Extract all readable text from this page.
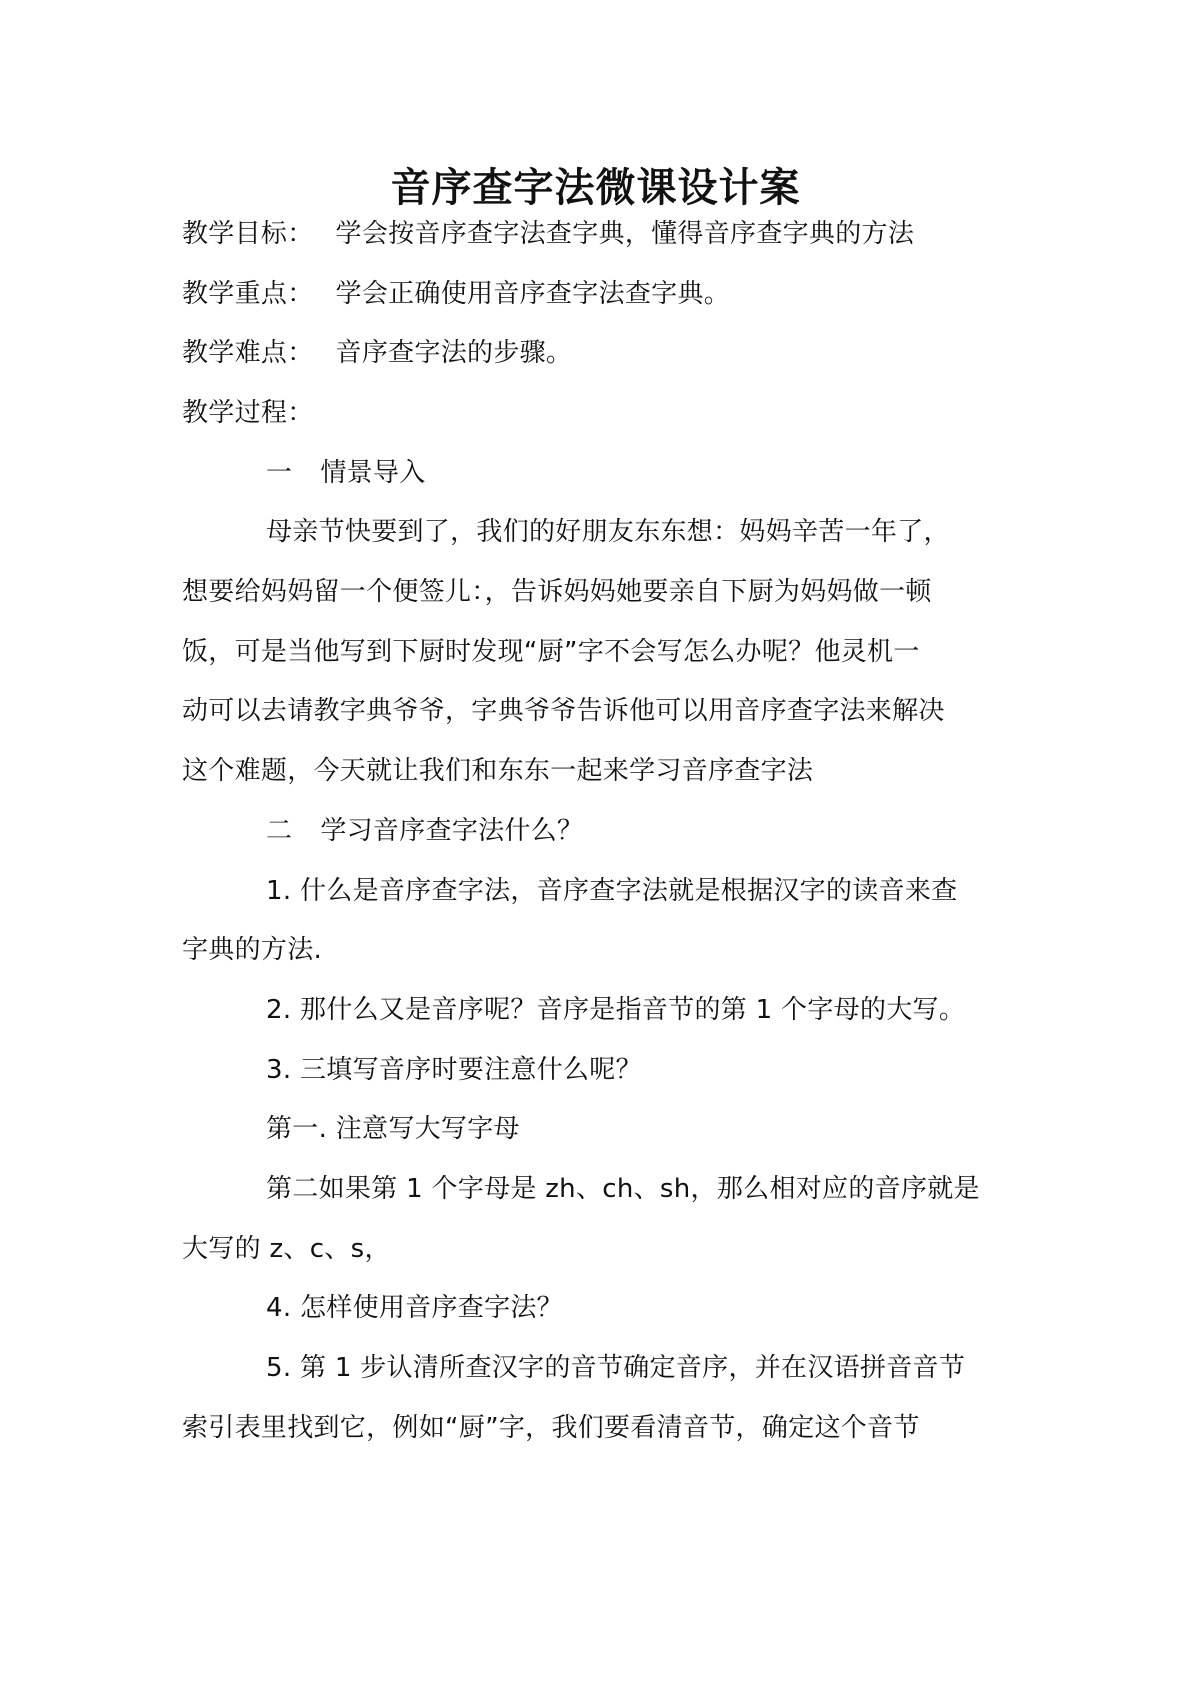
音序查字法微课设计案
教学目标： 学会按音序查字法查字典，懂得音序查字典的方法
教学重点： 学会正确使用音序查字法查字典。
教学难点： 音序查字法的步骤。
教学过程：
一 情景导入
母亲节快要到了，我们的好朋友东东想：妈妈辛苦一年了，
想要给妈妈留一个便签儿：，告诉妈妈她要亲自下厨为妈妈做一顿
饭，可是当他写到下厨时发现“厨”字不会写怎么办呢？他灵机一
动可以去请教字典爷爷，字典爷爷告诉他可以用音序查字法来解决
这个难题，今天就让我们和东东一起来学习音序查字法
二 学习音序查字法什么？
1. 什么是音序查字法，音序查字法就是根据汉字的读音来查
字典的方法.
2. 那什么又是音序呢？音序是指音节的第 1 个字母的大写。
3. 三填写音序时要注意什么呢？
第一. 注意写大写字母
第二如果第 1 个字母是 zh、ch、sh，那么相对应的音序就是
大写的 z、c、s，
4. 怎样使用音序查字法？
5. 第 1 步认清所查汉字的音节确定音序，并在汉语拼音音节
索引表里找到它，例如“厨”字，我们要看清音节，确定这个音节
